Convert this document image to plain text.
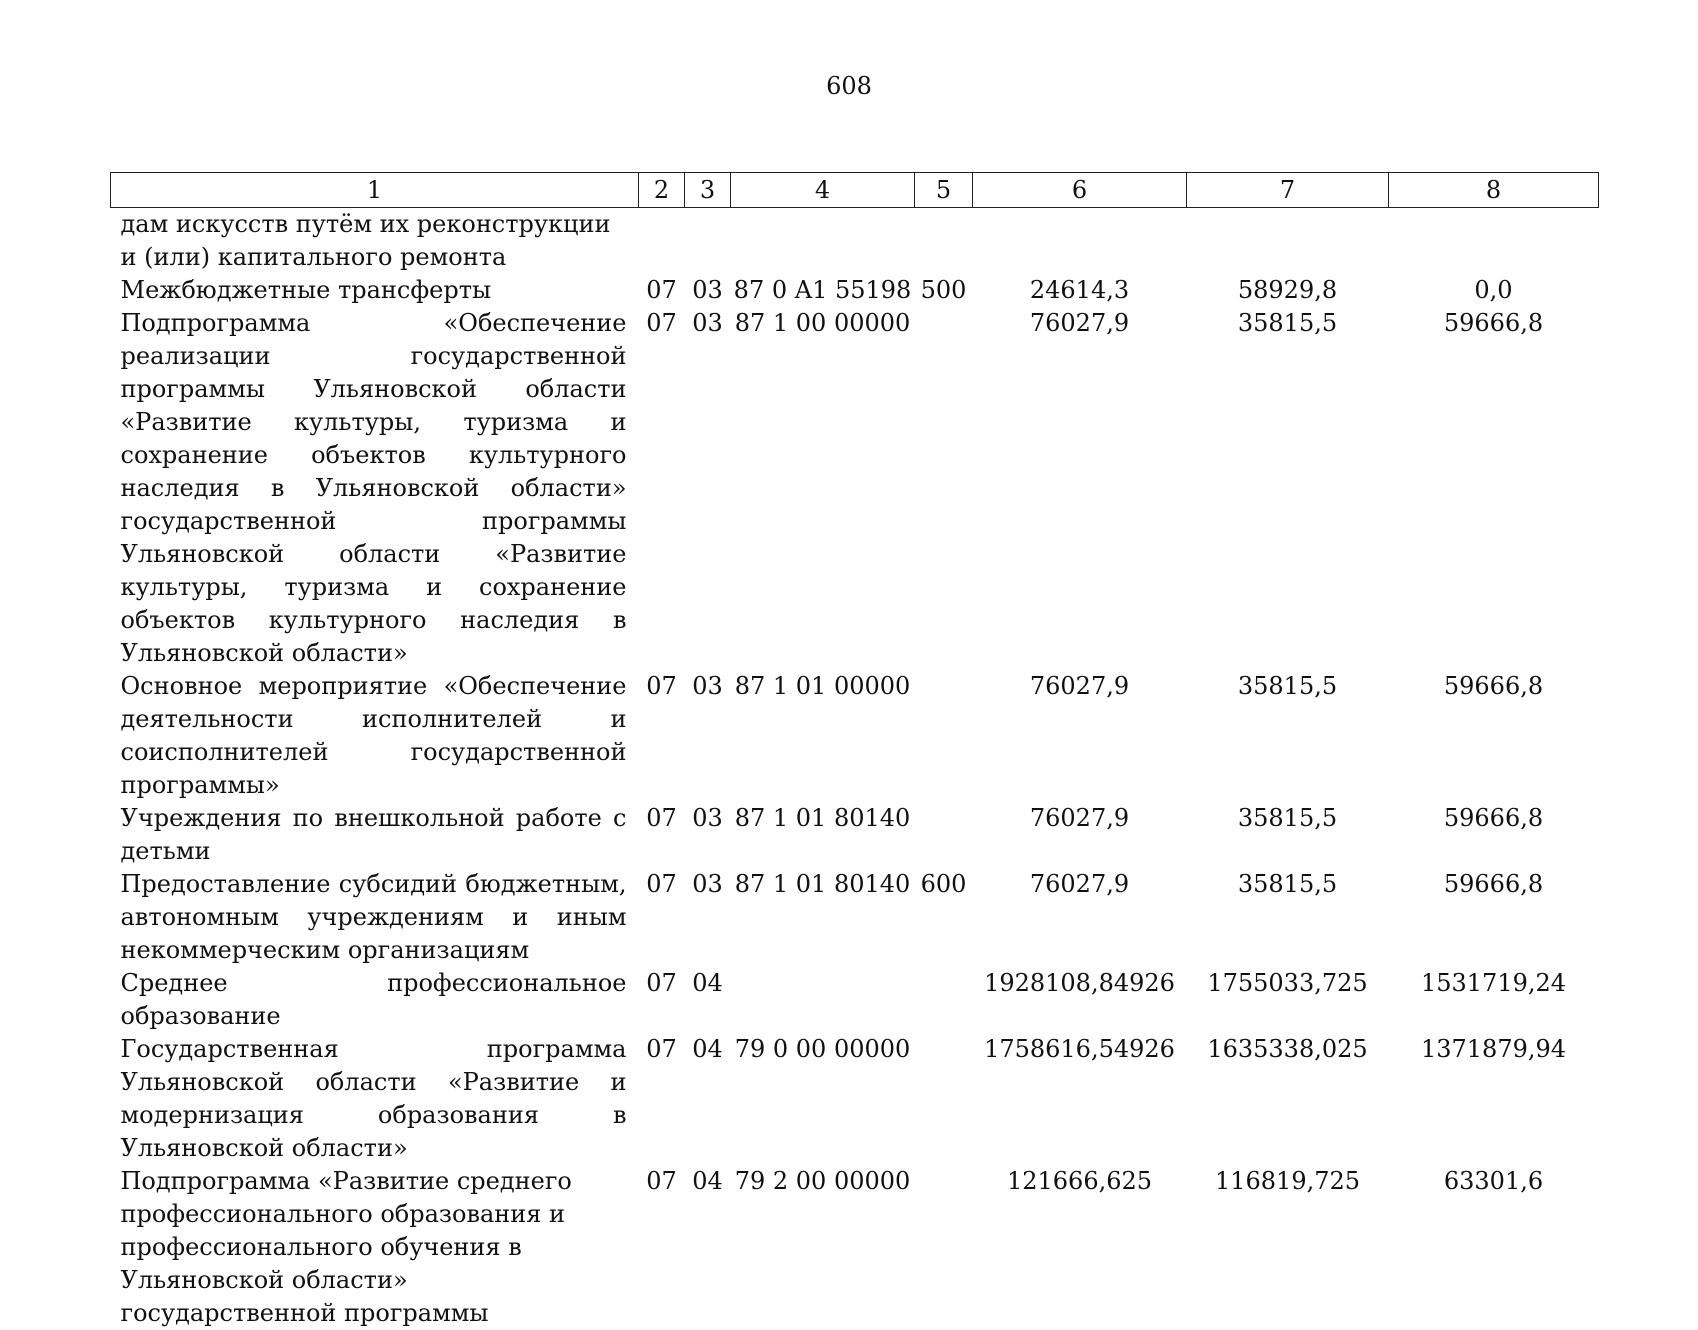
608
1	2	3	4	5	6	7	8
дам искусств путём их реконструкции и (или) капитального ремонта							
Межбюджетные трансферты	07	03	87 0 A1 55198	500	24614,3	58929,8	0,0
Подпрограмма «Обеспечение реализации государственной программы Ульяновской области «Развитие культуры, туризма и сохранение объектов культурного наследия в Ульяновской области» государственной программы Ульяновской области «Развитие культуры, туризма и сохранение объектов культурного наследия в Ульяновской области»	07	03	87 1 00 00000		76027,9	35815,5	59666,8
Основное мероприятие «Обеспечение деятельности исполнителей и соисполнителей государственной программы»	07	03	87 1 01 00000		76027,9	35815,5	59666,8
Учреждения по внешкольной работе с детьми	07	03	87 1 01 80140		76027,9	35815,5	59666,8
Предоставление субсидий бюджетным, автономным учреждениям и иным некоммерческим организациям	07	03	87 1 01 80140	600	76027,9	35815,5	59666,8
Среднее профессиональное образование	07	04			1928108,84926	1755033,725	1531719,24
Государственная программа Ульяновской области «Развитие и модернизация образования в Ульяновской области»	07	04	79 0 00 00000		1758616,54926	1635338,025	1371879,94
Подпрограмма «Развитие среднего профессионального образования и профессионального обучения в Ульяновской области» государственной программы	07	04	79 2 00 00000		121666,625	116819,725	63301,6
